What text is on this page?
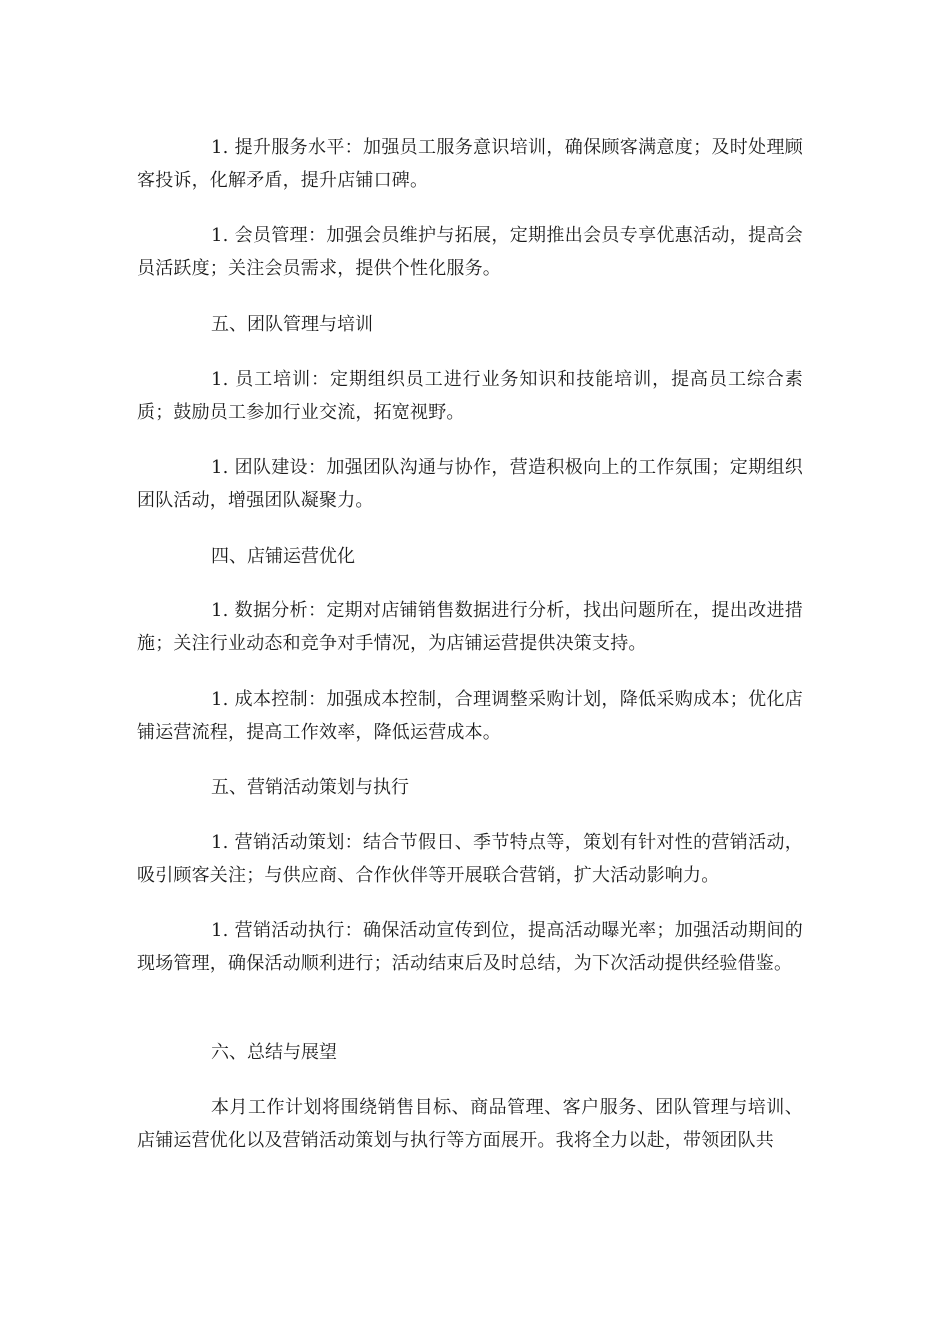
1. 提升服务水平：加强员工服务意识培训，确保顾客满意度；及时处理顾客投诉，化解矛盾，提升店铺口碑。

1. 会员管理：加强会员维护与拓展，定期推出会员专享优惠活动，提高会员活跃度；关注会员需求，提供个性化服务。

五、团队管理与培训

1. 员工培训：定期组织员工进行业务知识和技能培训，提高员工综合素质；鼓励员工参加行业交流，拓宽视野。

1. 团队建设：加强团队沟通与协作，营造积极向上的工作氛围；定期组织团队活动，增强团队凝聚力。

四、店铺运营优化

1. 数据分析：定期对店铺销售数据进行分析，找出问题所在，提出改进措施；关注行业动态和竞争对手情况，为店铺运营提供决策支持。

1. 成本控制：加强成本控制，合理调整采购计划，降低采购成本；优化店铺运营流程，提高工作效率，降低运营成本。

五、营销活动策划与执行

1. 营销活动策划：结合节假日、季节特点等，策划有针对性的营销活动，吸引顾客关注；与供应商、合作伙伴等开展联合营销，扩大活动影响力。

1. 营销活动执行：确保活动宣传到位，提高活动曝光率；加强活动期间的现场管理，确保活动顺利进行；活动结束后及时总结，为下次活动提供经验借鉴。

六、总结与展望

本月工作计划将围绕销售目标、商品管理、客户服务、团队管理与培训、店铺运营优化以及营销活动策划与执行等方面展开。我将全力以赴，带领团队共
